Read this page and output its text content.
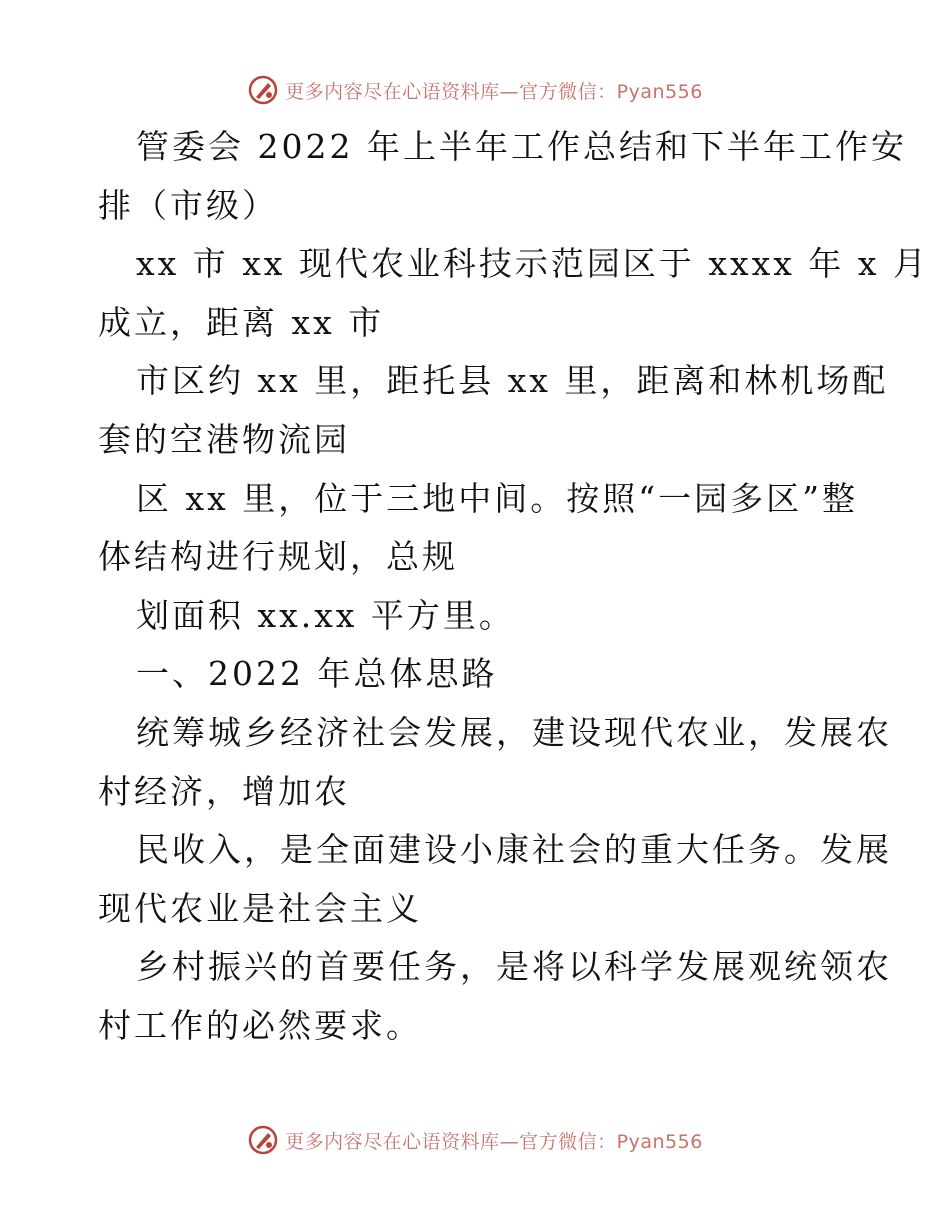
更多内容尽在心语资料库—官方微信：Pyan556
管委会 2022 年上半年工作总结和下半年工作安
排（市级）
xx 市 xx 现代农业科技示范园区于 xxxx 年 x 月
成立，距离 xx 市
市区约 xx 里，距托县 xx 里，距离和林机场配
套的空港物流园
区 xx 里，位于三地中间。按照“一园多区”整
体结构进行规划，总规
划面积 xx.xx 平方里。
一、2022 年总体思路
统筹城乡经济社会发展，建设现代农业，发展农
村经济，增加农
民收入，是全面建设小康社会的重大任务。发展
现代农业是社会主义
乡村振兴的首要任务，是将以科学发展观统领农
村工作的必然要求。
更多内容尽在心语资料库—官方微信：Pyan556
